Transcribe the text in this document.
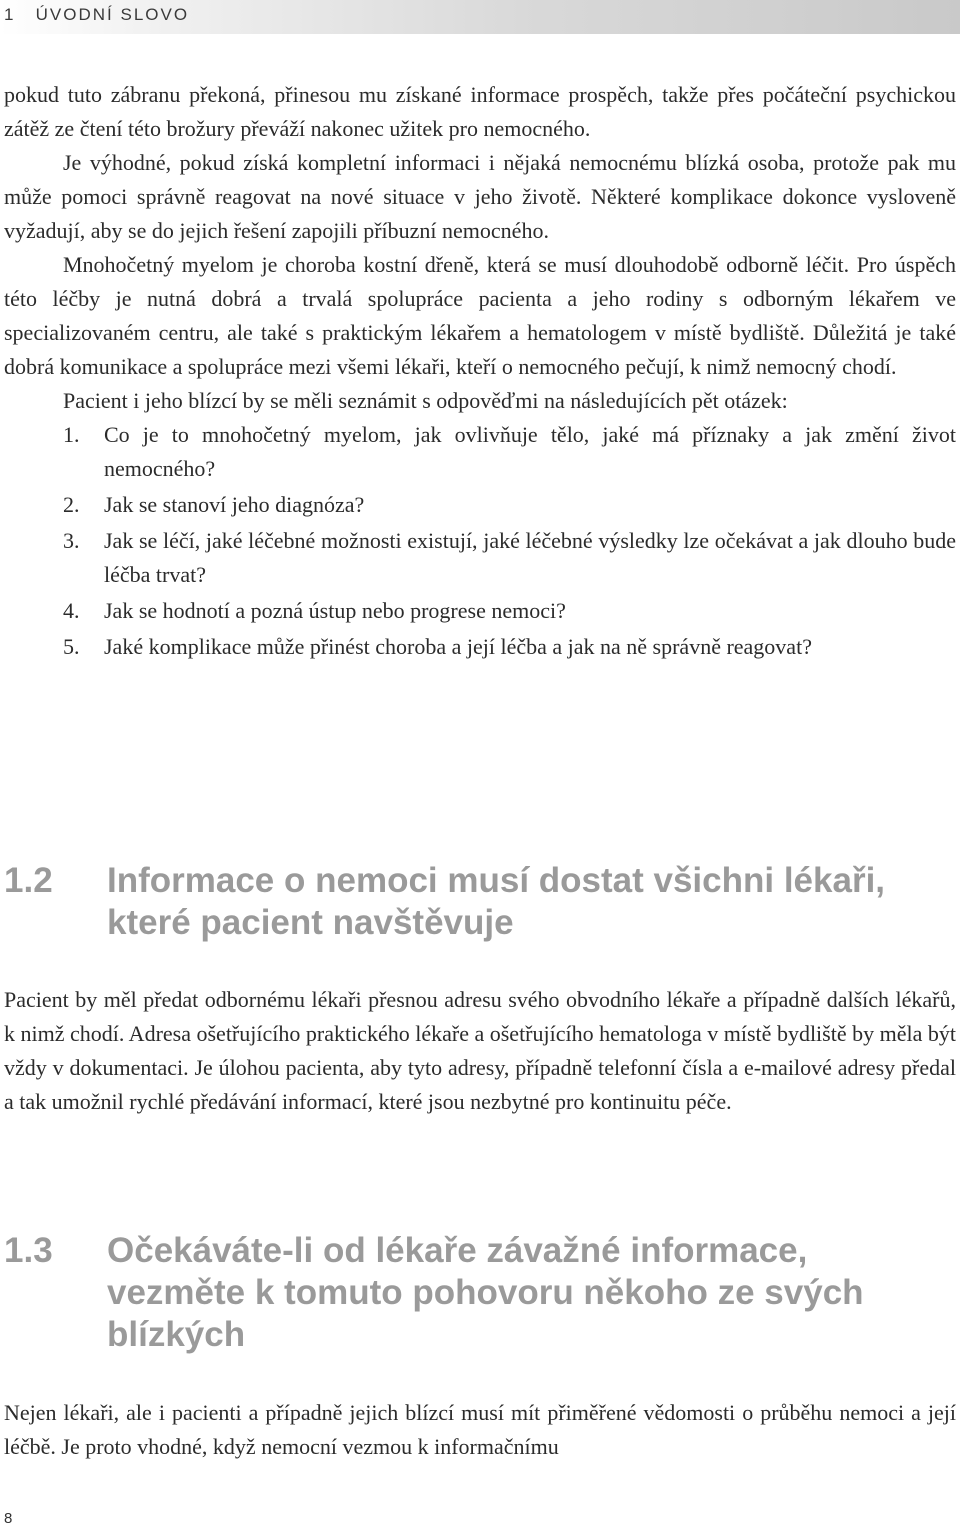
1 ÚVODNÍ SLOVO

pokud tuto zábranu překoná, přinesou mu získané informace prospěch, takže přes počáteční psychickou zátěž ze čtení této brožury převáží nakonec užitek pro nemocného.

Je výhodné, pokud získá kompletní informaci i nějaká nemocnému blízká osoba, protože pak mu může pomoci správně reagovat na nové situace v jeho životě. Některé komplikace dokonce vysloveně vyžadují, aby se do jejich řešení zapojili příbuzní nemocného.

Mnohočetný myelom je choroba kostní dřeně, která se musí dlouhodobě odborně léčit. Pro úspěch této léčby je nutná dobrá a trvalá spolupráce pacienta a jeho rodiny s odborným lékařem ve specializovaném centru, ale také s praktickým lékařem a hematologem v místě bydliště. Důležitá je také dobrá komunikace a spolupráce mezi všemi lékaři, kteří o nemocného pečují, k nimž nemocný chodí.

Pacient i jeho blízcí by se měli seznámit s odpověďmi na následujících pět otázek:

1.	Co je to mnohočetný myelom, jak ovlivňuje tělo, jaké má příznaky a jak změní život nemocného?
2.	Jak se stanoví jeho diagnóza?
3.	Jak se léčí, jaké léčebné možnosti existují, jaké léčebné výsledky lze očekávat a jak dlouho bude léčba trvat?
4.	Jak se hodnotí a pozná ústup nebo progrese nemoci?
5.	Jaké komplikace může přinést choroba a její léčba a jak na ně správně reagovat?
1.2	Informace o nemoci musí dostat všichni lékaři, které pacient navštěvuje

Pacient by měl předat odbornému lékaři přesnou adresu svého obvodního lékaře a případně dalších lékařů, k nimž chodí. Adresa ošetřujícího praktického lékaře a ošetřujícího hematologa v místě bydliště by měla být vždy v dokumentaci. Je úlohou pacienta, aby tyto adresy, případně telefonní čísla a e-mailové adresy předal a tak umožnil rychlé předávání informací, které jsou nezbytné pro kontinuitu péče.

1.3	Očekáváte-li od lékaře závažné informace, vezměte k tomuto pohovoru někoho ze svých blízkých

Nejen lékaři, ale i pacienti a případně jejich blízcí musí mít přiměřené vědomosti o průběhu nemoci a její léčbě. Je proto vhodné, když nemocní vezmou k informačnímu

8
